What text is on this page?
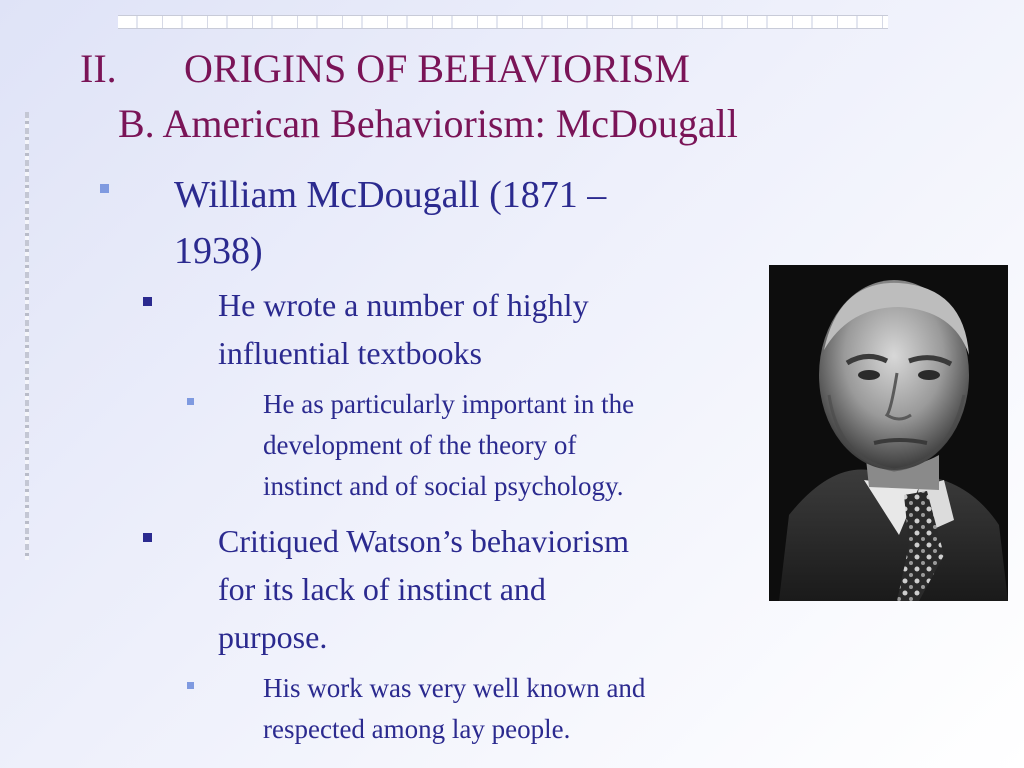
II. ORIGINS OF BEHAVIORISM
B. American Behaviorism: McDougall
William McDougall (1871 –
1938)
He wrote a number of highly
influential textbooks
He as particularly important in the
development of the theory of
instinct and of social psychology.
Critiqued Watson’s behaviorism
for its lack of instinct and
purpose.
His work was very well known and
respected among lay people.
